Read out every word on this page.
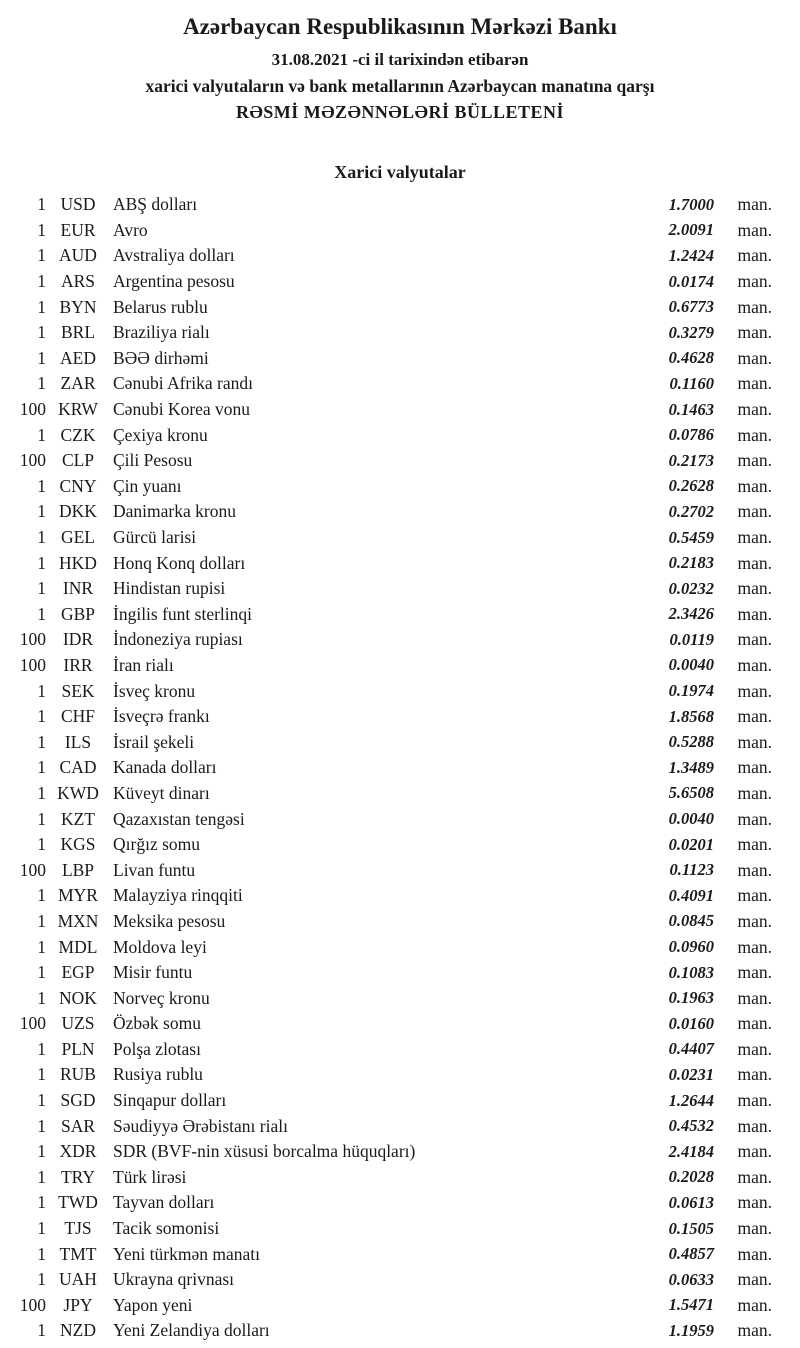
Azərbaycan Respublikasının Mərkəzi Bankı
31.08.2021 -ci il tarixindən etibarən
xarici valyutaların və bank metallarının Azərbaycan manatına qarşı
RƏSMİ MƏZƏNNƏLƏRİ BÜLLETENİ
Xarici valyutalar
1 USD	ABŞ dolları	1.7000	man.
1 EUR	Avro	2.0091	man.
1 AUD Avstraliya dolları	1.2424	man.
1 ARS	Argentina pesosu	0.0174	man.
1 BYN Belarus rublu	0.6773	man.
1 BRL	Braziliya rialı	0.3279	man.
1 AED BƏƏ dirhəmi	0.4628	man.
1 ZAR	Cənubi Afrika randı	0.1160	man.
100 KRW Cənubi Korea vonu	0.1463	man.
1 CZK	Çexiya kronu	0.0786	man.
100 CLP	Çili Pesosu	0.2173	man.
1 CNY Çin yuanı	0.2628	man.
1 DKK Danimarka kronu	0.2702	man.
1 GEL	Gürcü larisi	0.5459	man.
1 HKD Honq Konq dolları	0.2183	man.
1 INR	Hindistan rupisi	0.0232	man.
1 GBP	İngilis funt sterlinqi	2.3426	man.
100 IDR	İndoneziya rupiası	0.0119	man.
100 IRR	İran rialı	0.0040	man.
1 SEK	İsveç kronu	0.1974	man.
1 CHF	İsveçrə frankı	1.8568	man.
1	ILS	İsrail şekeli	0.5288	man.
1 CAD Kanada dolları	1.3489	man.
1 KWD Küveyt dinarı	5.6508	man.
1 KZT	Qazaxıstan tengəsi	0.0040	man.
1 KGS	Qırğız somu	0.0201	man.
100 LBP	Livan funtu	0.1123	man.
1 MYR Malayziya rinqqiti	0.4091	man.
1 MXN Meksika pesosu	0.0845	man.
1 MDL Moldova leyi	0.0960	man.
1 EGP	Misir funtu	0.1083	man.
1 NOK Norveç kronu	0.1963	man.
100 UZS	Özbək somu	0.0160	man.
1 PLN	Polşa zlotası	0.4407	man.
1 RUB Rusiya rublu	0.0231	man.
1 SGD	Sinqapur dolları	1.2644	man.
1 SAR	Səudiyyə Ərəbistanı rialı	0.4532	man.
1 XDR SDR (BVF-nin xüsusi borcalma hüquqları)	2.4184	man.
1 TRY	Türk lirəsi	0.2028	man.
1 TWD Tayvan dolları	0.0613	man.
1	TJS	Tacik somonisi	0.1505	man.
1 TMT Yeni türkmən manatı	0.4857	man.
1 UAH Ukrayna qrivnası	0.0633	man.
100 JPY	Yapon yeni	1.5471	man.
1 NZD Yeni Zelandiya dolları	1.1959	man.
